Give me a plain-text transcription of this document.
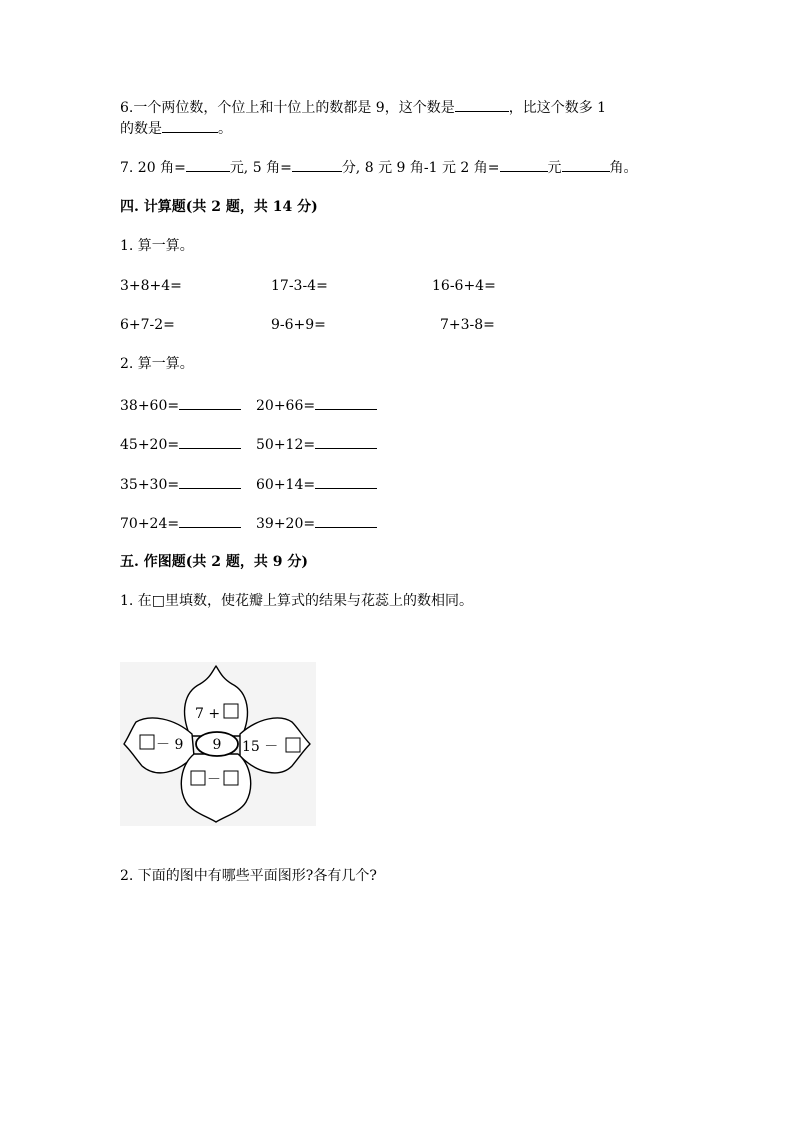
6.一个两位数，个位上和十位上的数都是 9，这个数是	，比这个数多 1
的数是	。
7. 20 角=	元, 5 角=	分, 8 元 9 角-1 元 2 角=	元	角。
四. 计算题(共 2 题，共 14 分)
1. 算一算。
3+8+4=	17-3-4=	16-6+4=
6+7-2=	9-6+9=	7+3-8=
2. 算一算。
38+60=	20+66=
45+20=	50+12=
35+30=	60+14=
70+24=	39+20=
五. 作图题(共 2 题，共 9 分)
1. 在□里填数，使花瓣上算式的结果与花蕊上的数相同。
9
7 +
－ 9	15 －
－
2. 下面的图中有哪些平面图形?各有几个?
